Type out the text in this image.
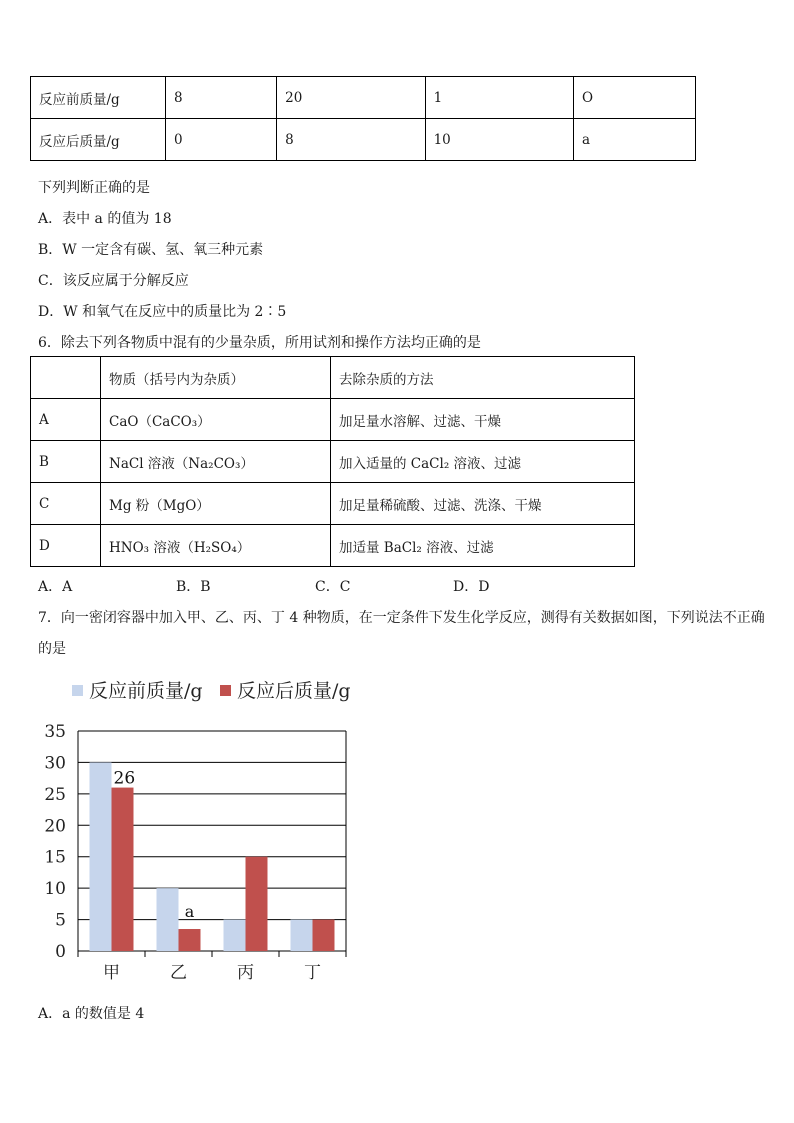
反应前质量/g	8	20	1	O
反应后质量/g	0	8	10	a
下列判断正确的是
A．表中 a 的值为 18
B．W 一定含有碳、氢、氧三种元素
C．该反应属于分解反应
D．W 和氧气在反应中的质量比为 2∶5
6．除去下列各物质中混有的少量杂质，所用试剂和操作方法均正确的是
	物质（括号内为杂质）	去除杂质的方法
A	CaO（CaCO₃）	加足量水溶解、过滤、干燥
B	NaCl 溶液（Na₂CO₃）	加入适量的 CaCl₂ 溶液、过滤
C	Mg 粉（MgO）	加足量稀硫酸、过滤、洗涤、干燥
D	HNO₃ 溶液（H₂SO₄）	加适量 BaCl₂ 溶液、过滤
A．A	B．B	C．C	D．D
7．向一密闭容器中加入甲、乙、丙、丁 4 种物质，在一定条件下发生化学反应，测得有关数据如图，下列说法不正确
的是
反应前质量/g 反应后质量/g
0
5
10
15
20
25
30
35
甲	乙	丙	丁
26
a
A．a 的数值是 4
